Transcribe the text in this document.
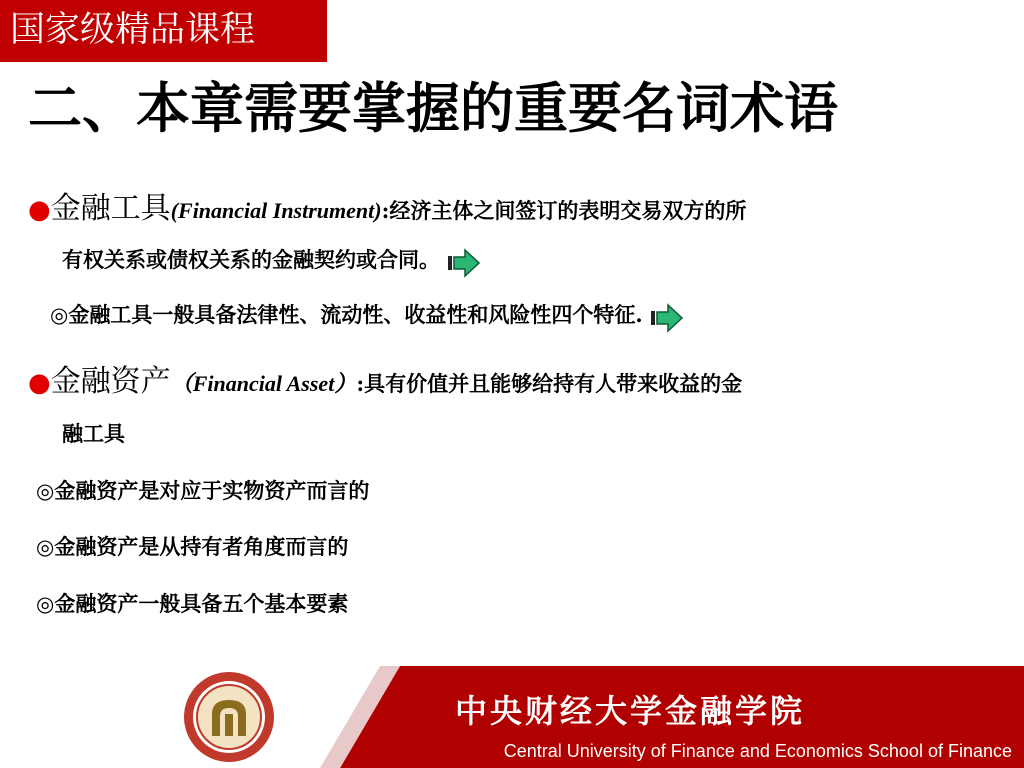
国家级精品课程
二、本章需要掌握的重要名词术语
●金融工具(Financial Instrument):经济主体之间签订的表明交易双方的所
有权关系或债权关系的金融契约或合同。
◎金融工具一般具备法律性、流动性、收益性和风险性四个特征.
●金融资产（Financial Asset）:具有价值并且能够给持有人带来收益的金
融工具
◎金融资产是对应于实物资产而言的
◎金融资产是从持有者角度而言的
◎金融资产一般具备五个基本要素
中央财经大学金融学院
Central University of Finance and Economics School of Finance
